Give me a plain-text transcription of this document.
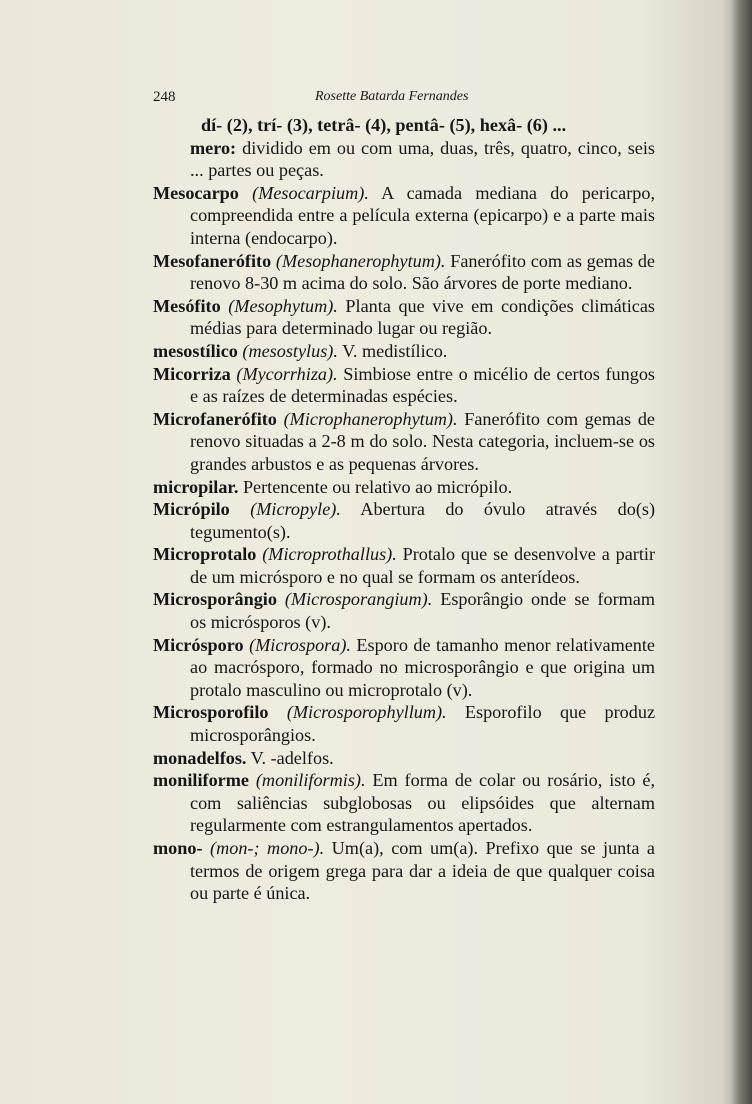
248	Rosette Batarda Fernandes

dí- (2), trí- (3), tetrâ- (4), pentâ- (5), hexâ- (6) ...

mero: dividido em ou com uma, duas, três, quatro, cinco, seis ... partes ou peças.

Mesocarpo (Mesocarpium). A camada mediana do pericarpo, compreendida entre a película externa (epicarpo) e a parte mais interna (endocarpo).

Mesofanerófito (Mesophanerophytum). Fanerófito com as gemas de renovo 8-30 m acima do solo. São árvores de porte mediano.

Mesófito (Mesophytum). Planta que vive em condições climáticas médias para determinado lugar ou região.

mesostílico (mesostylus). V. medistílico.

Micorriza (Mycorrhiza). Simbiose entre o micélio de certos fungos e as raízes de determinadas espécies.

Microfanerófito (Microphanerophytum). Fanerófito com gemas de renovo situadas a 2-8 m do solo. Nesta categoria, incluem-se os grandes arbustos e as pequenas árvores.

micropilar. Pertencente ou relativo ao micrópilo.

Micrópilo (Micropyle). Abertura do óvulo através do(s) tegumento(s).

Microprotalo (Microprothallus). Protalo que se desenvolve a partir de um micrósporo e no qual se formam os anterídeos.

Microsporângio (Microsporangium). Esporângio onde se formam os micrósporos (v).

Micrósporo (Microspora). Esporo de tamanho menor relativamente ao macrósporo, formado no microsporângio e que origina um protalo masculino ou microprotalo (v).

Microsporofilo (Microsporophyllum). Esporofilo que produz microsporângios.

monadelfos. V. -adelfos.

moniliforme (moniliformis). Em forma de colar ou rosário, isto é, com saliências subglobosas ou elipsóides que alternam regularmente com estrangulamentos apertados.

mono- (mon-; mono-). Um(a), com um(a). Prefixo que se junta a termos de origem grega para dar a ideia de que qualquer coisa ou parte é única.
